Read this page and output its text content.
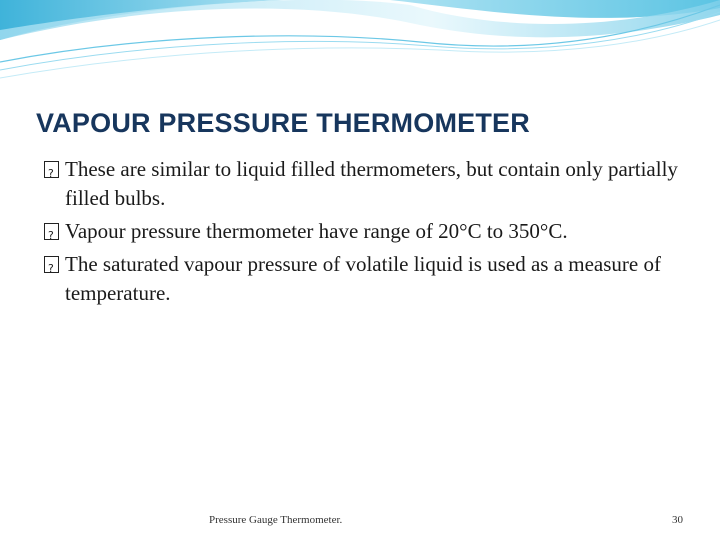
VAPOUR PRESSURE THERMOMETER
?
These are similar to liquid filled thermometers, but contain only partially filled bulbs.
?
Vapour pressure thermometer have range of 20°C to 350°C.
?
The saturated vapour pressure of volatile liquid is used as a measure of temperature.
Pressure Gauge Thermometer.	30
